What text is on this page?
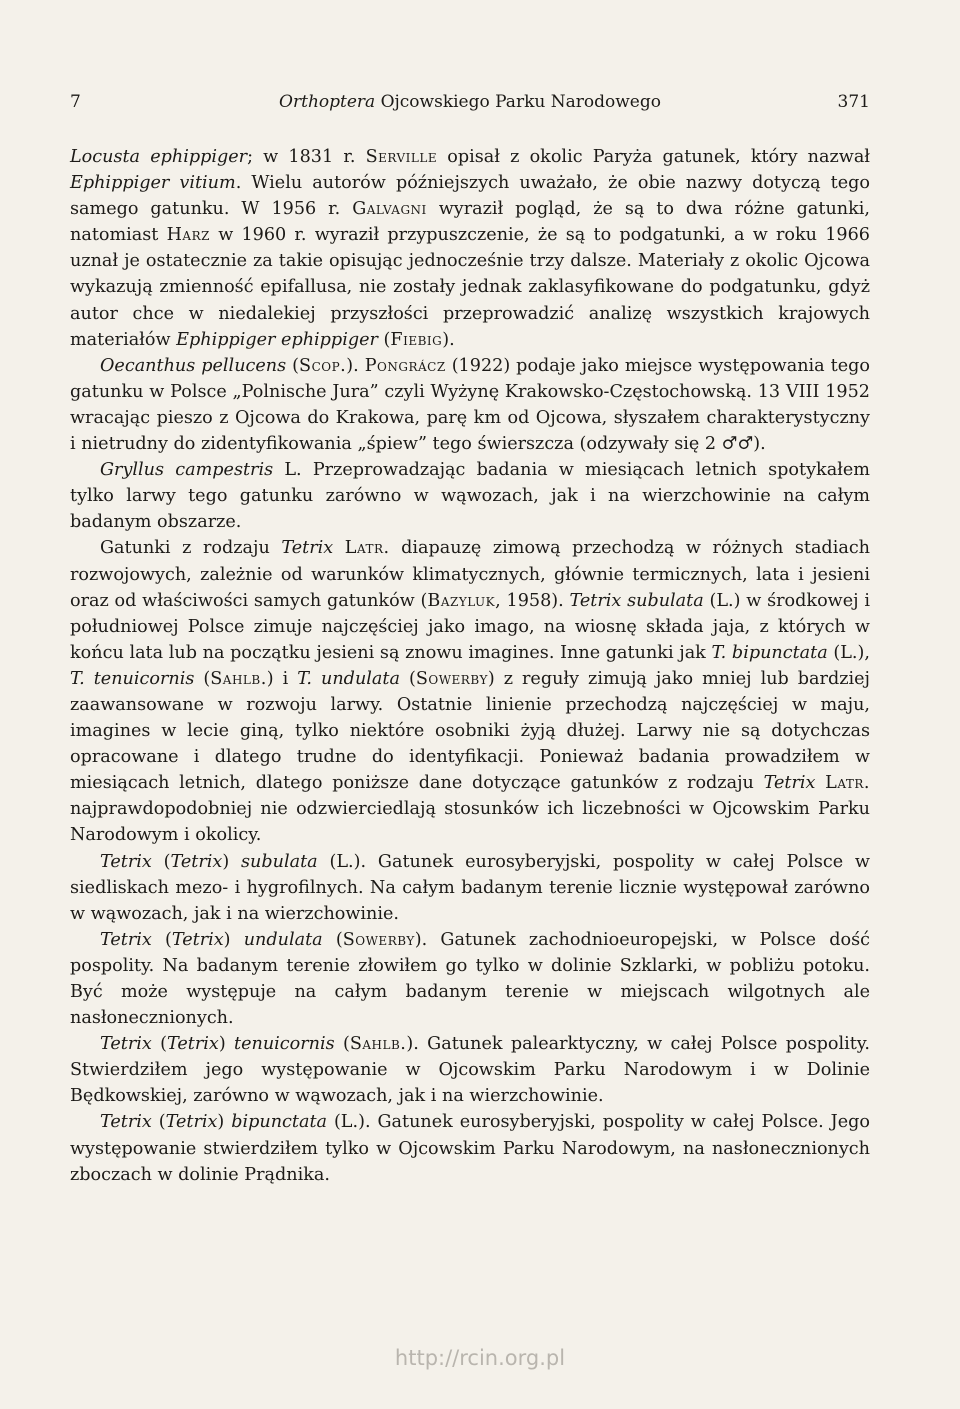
7	Orthoptera Ojcowskiego Parku Narodowego	371

Locusta ephippiger; w 1831 r. Serville opisał z okolic Paryża gatunek, który nazwał Ephippiger vitium. Wielu autorów późniejszych uważało, że obie nazwy dotyczą tego samego gatunku. W 1956 r. Galvagni wyraził pogląd, że są to dwa różne gatunki, natomiast Harz w 1960 r. wyraził przypuszczenie, że są to podgatunki, a w roku 1966 uznał je ostatecznie za takie opisując jednocześnie trzy dalsze. Materiały z okolic Ojcowa wykazują zmienność epifallusa, nie zostały jednak zaklasyfikowane do podgatunku, gdyż autor chce w niedalekiej przyszłości przeprowadzić analizę wszystkich krajowych materiałów Ephippiger ephippiger (Fiebig).

Oecanthus pellucens (Scop.). Pongrácz (1922) podaje jako miejsce występowania tego gatunku w Polsce „Polnische Jura” czyli Wyżynę Krakowsko-Częstochowską. 13 VIII 1952 wracając pieszo z Ojcowa do Krakowa, parę km od Ojcowa, słyszałem charakterystyczny i nietrudny do zidentyfikowania „śpiew” tego świerszcza (odzywały się 2 ♂♂).

Gryllus campestris L. Przeprowadzając badania w miesiącach letnich spotykałem tylko larwy tego gatunku zarówno w wąwozach, jak i na wierzchowinie na całym badanym obszarze.

Gatunki z rodzaju Tetrix Latr. diapauzę zimową przechodzą w różnych stadiach rozwojowych, zależnie od warunków klimatycznych, głównie termicznych, lata i jesieni oraz od właściwości samych gatunków (Bazyluk, 1958). Tetrix subulata (L.) w środkowej i południowej Polsce zimuje najczęściej jako imago, na wiosnę składa jaja, z których w końcu lata lub na początku jesieni są znowu imagines. Inne gatunki jak T. bipunctata (L.), T. tenuicornis (Sahlb.) i T. undulata (Sowerby) z reguły zimują jako mniej lub bardziej zaawansowane w rozwoju larwy. Ostatnie linienie przechodzą najczęściej w maju, imagines w lecie giną, tylko niektóre osobniki żyją dłużej. Larwy nie są dotychczas opracowane i dlatego trudne do identyfikacji. Ponieważ badania prowadziłem w miesiącach letnich, dlatego poniższe dane dotyczące gatunków z rodzaju Tetrix Latr. najprawdopodobniej nie odzwierciedlają stosunków ich liczebności w Ojcowskim Parku Narodowym i okolicy.

Tetrix (Tetrix) subulata (L.). Gatunek eurosyberyjski, pospolity w całej Polsce w siedliskach mezo- i hygrofilnych. Na całym badanym terenie licznie występował zarówno w wąwozach, jak i na wierzchowinie.

Tetrix (Tetrix) undulata (Sowerby). Gatunek zachodnioeuropejski, w Polsce dość pospolity. Na badanym terenie złowiłem go tylko w dolinie Szklarki, w pobliżu potoku. Być może występuje na całym badanym terenie w miejscach wilgotnych ale nasłonecznionych.

Tetrix (Tetrix) tenuicornis (Sahlb.). Gatunek palearktyczny, w całej Polsce pospolity. Stwierdziłem jego występowanie w Ojcowskim Parku Narodowym i w Dolinie Będkowskiej, zarówno w wąwozach, jak i na wierzchowinie.

Tetrix (Tetrix) bipunctata (L.). Gatunek eurosyberyjski, pospolity w całej Polsce. Jego występowanie stwierdziłem tylko w Ojcowskim Parku Narodowym, na nasłonecznionych zboczach w dolinie Prądnika.

http://rcin.org.pl
